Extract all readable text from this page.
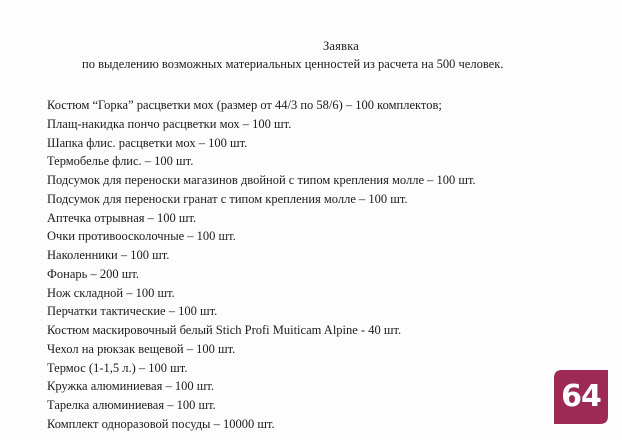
Заявка
по выделению возможных материальных ценностей из расчета на 500 человек.
Костюм “Горка” расцветки мох (размер от 44/3 по 58/6) – 100 комплектов;
Плащ-накидка пончо расцветки мох – 100 шт.
Шапка флис. расцветки мох – 100 шт.
Термобелье флис. – 100 шт.
Подсумок для переноски магазинов двойной с типом крепления молле – 100 шт.
Подсумок для переноски гранат с типом крепления молле – 100 шт.
Аптечка отрывная – 100 шт.
Очки противоосколочные – 100 шт.
Наколенники – 100 шт.
Фонарь – 200 шт.
Нож складной – 100 шт.
Перчатки тактические – 100 шт.
Костюм маскировочный белый Stich Profi Muiticam Alpine - 40 шт.
Чехол на рюкзак вещевой – 100 шт.
Термос (1-1,5 л.) – 100 шт.
Кружка алюминиевая – 100 шт.
Тарелка алюминиевая – 100 шт.
Комплект одноразовой посуды – 10000 шт.
64
